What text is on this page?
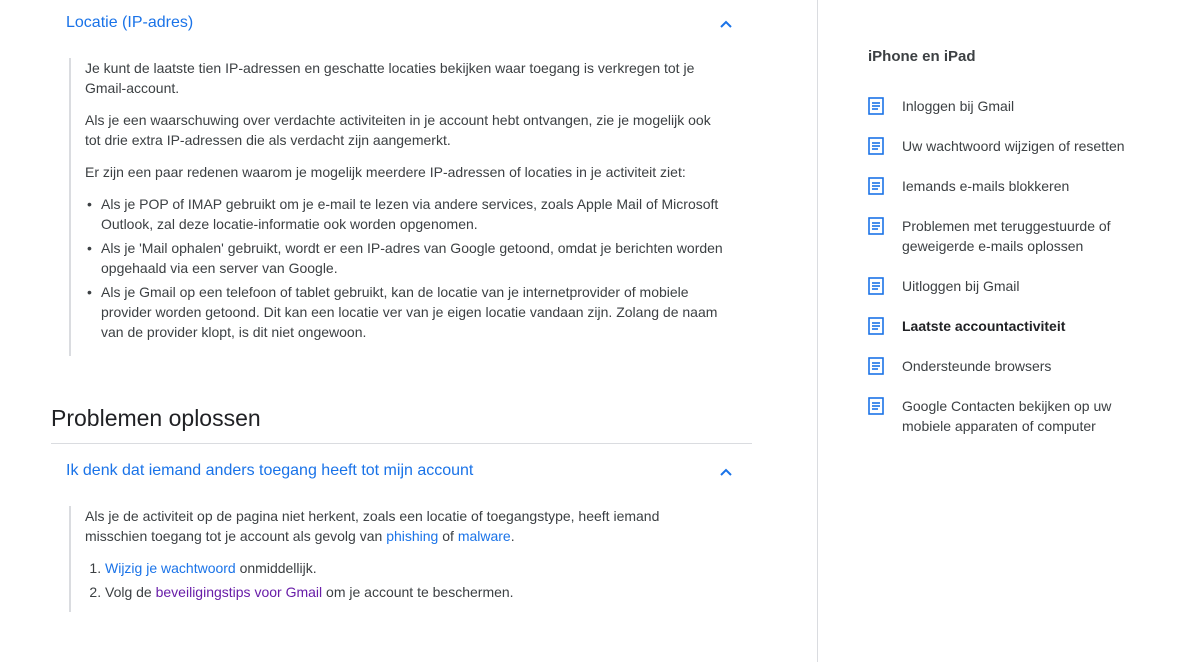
Locatie (IP-adres)

Je kunt de laatste tien IP-adressen en geschatte locaties bekijken waar toegang is verkregen tot je Gmail-account.

Als je een waarschuwing over verdachte activiteiten in je account hebt ontvangen, zie je mogelijk ook tot drie extra IP-adressen die als verdacht zijn aangemerkt.

Er zijn een paar redenen waarom je mogelijk meerdere IP-adressen of locaties in je activiteit ziet:

• Als je POP of IMAP gebruikt om je e-mail te lezen via andere services, zoals Apple Mail of Microsoft Outlook, zal deze locatie-informatie ook worden opgenomen.
• Als je 'Mail ophalen' gebruikt, wordt er een IP-adres van Google getoond, omdat je berichten worden opgehaald via een server van Google.
• Als je Gmail op een telefoon of tablet gebruikt, kan de locatie van je internetprovider of mobiele provider worden getoond. Dit kan een locatie ver van je eigen locatie vandaan zijn. Zolang de naam van de provider klopt, is dit niet ongewoon.
Problemen oplossen
Ik denk dat iemand anders toegang heeft tot mijn account

Als je de activiteit op de pagina niet herkent, zoals een locatie of toegangstype, heeft iemand misschien toegang tot je account als gevolg van phishing of malware.

1. Wijzig je wachtwoord onmiddellijk.
2. Volg de beveiligingstips voor Gmail om je account te beschermen.
iPhone en iPad
Inloggen bij Gmail
Uw wachtwoord wijzigen of resetten
Iemands e-mails blokkeren
Problemen met teruggestuurde of geweigerde e-mails oplossen
Uitloggen bij Gmail
Laatste accountactiviteit
Ondersteunde browsers
Google Contacten bekijken op uw mobiele apparaten of computer
